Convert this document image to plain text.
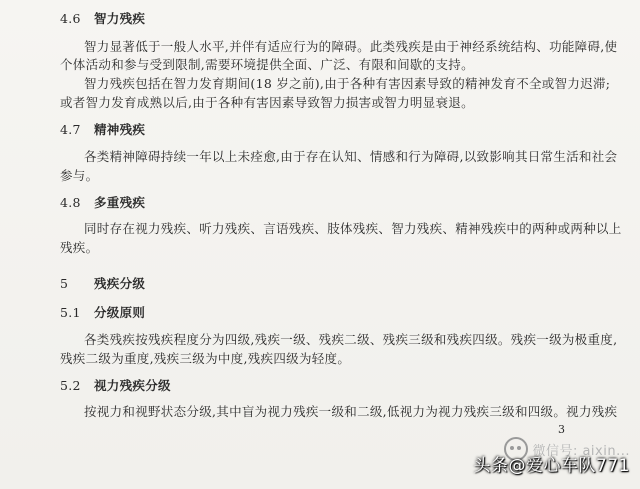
4.6 智力残疾
智力显著低于一般人水平,并伴有适应行为的障碍。此类残疾是由于神经系统结构、功能障碍,使
个体活动和参与受到限制,需要环境提供全面、广泛、有限和间歇的支持。
智力残疾包括在智力发育期间(18 岁之前),由于各种有害因素导致的精神发育不全或智力迟滞;
或者智力发育成熟以后,由于各种有害因素导致智力损害或智力明显衰退。
4.7 精神残疾
各类精神障碍持续一年以上未痊愈,由于存在认知、情感和行为障碍,以致影响其日常生活和社会
参与。
4.8 多重残疾
同时存在视力残疾、听力残疾、言语残疾、肢体残疾、智力残疾、精神残疾中的两种或两种以上
残疾。
5 残疾分级
5.1 分级原则
各类残疾按残疾程度分为四级,残疾一级、残疾二级、残疾三级和残疾四级。残疾一级为极重度,
残疾二级为重度,残疾三级为中度,残疾四级为轻度。
5.2 视力残疾分级
按视力和视野状态分级,其中盲为视力残疾一级和二级,低视力为视力残疾三级和四级。视力残疾
3
微信号: aixin...
头条@爱心车队771
